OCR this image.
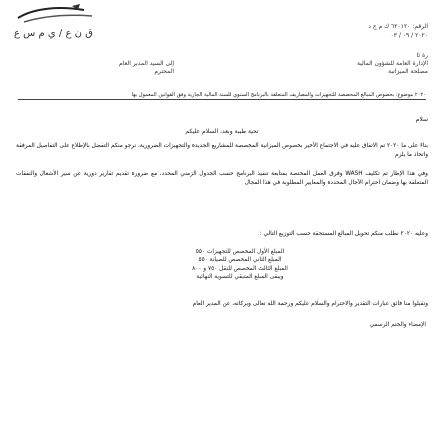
ﻕ ﻥ ﻉ / ﻱ ﻡ ﺱ ﻉ
ﺍﻟﺮﻗﻢ: ٦٢٠١٢٠ ﻙ ﻡ ﺝ ﺩ
٢٠٢٠ / ٠٩ / ٠٣
ﺭﺓ ﺋﺎ
ﺍﻹﺩﺍﺭﺓ ﺍﻟﻌﺎﻣﺔ ﻟﻠﺸﺆﻭﻥ ﺍﻟﻤﺎﻟﻴﺔ
ﻣﺼﻠﺤﺔ ﺍﻟﻤﻴﺰﺍﻧﻴﺔ
ﺇﻟﻰ ﺍﻟﺴﻴﺪ ﺍﻟﻤﺪﻳﺮ ﺍﻟﻌﺎﻡ
ﺍﻟﻤﺤﺘﺮﻡ
٢٠٢٠ ﻣﻮﺿﻮﻉ: ﺑﺨﺼﻮﺹ ﺍﻟﻤﺒﺎﻟﻎ ﺍﻟﻤﺨﺼﺼﺔ ﻟﻠﺘﺠﻬﻴﺰﺍﺕ ﻭﺍﻟﻤﺼﺎﺭﻳﻒ ﺍﻟﻤﺘﻌﻠﻘﺔ ﺑﺎﻟﺒﺮﻧﺎﻣﺞ ﺍﻟﺴﻨﻮﻱ ﻟﻠﺴﻨﺔ ﺍﻟﻤﺎﻟﻴﺔ ﺍﻟﺠﺎﺭﻳﺔ ﻭﻓﻖ ﺍﻟﻘﻮﺍﻧﻴﻦ ﺍﻟﻤﻌﻤﻮﻝ ﺑﻬﺎ
ﺳﻼﻡ
ﺗﺤﻴﺔ ﻃﻴﺒﺔ ﻭﺑﻌﺪ، ﺍﻟﺴﻼﻡ ﻋﻠﻴﻜﻢ
ﺑﻨﺎﺀً ﻋﻠﻰ ﻣﺎ ٢٠٢٠ ﺗﻢ ﺍﻻﺗﻔﺎﻕ ﻋﻠﻴﻪ ﻓﻲ ﺍﻻﺟﺘﻤﺎﻉ ﺍﻷﺧﻴﺮ ﺑﺨﺼﻮﺹ ﺍﻟﻤﻴﺰﺍﻧﻴﺔ ﺍﻟﻤﺨﺼﺼﺔ ﻟﻠﻤﺸﺎﺭﻳﻊ ﺍﻟﺠﺪﻳﺪﺓ ﻭﺍﻟﺘﺠﻬﻴﺰﺍﺕ ﺍﻟﻀﺮﻭﺭﻳﺔ، ﻧﺮﺟﻮ ﻣﻨﻜﻢ ﺍﻟﺘﻔﻀﻞ ﺑﺎﻹﻃﻼﻉ ﻋﻠﻰ ﺍﻟﺘﻔﺎﺻﻴﻞ ﺍﻟﻤﺮﻓﻘﺔ ﻭﺍﺗﺨﺎﺫ ﻣﺎ ﻳﻠﺰﻡ
ﻭﻓﻲ ﻫﺬﺍ ﺍﻹﻃﺎﺭ ﺗﻢ ﺗﻜﻠﻴﻒ WASH ﻭﻓﺮﻕ ﺍﻟﻌﻤﻞ ﺍﻟﻤﺨﺘﺼﺔ ﺑﻤﺘﺎﺑﻌﺔ ﺗﻨﻔﻴﺬ ﺍﻟﺒﺮﻧﺎﻣﺞ ﺣﺴﺐ ﺍﻟﺠﺪﻭﻝ ﺍﻟﺰﻣﻨﻲ ﺍﻟﻤﺤﺪﺩ، ﻣﻊ ﺿﺮﻭﺭﺓ ﺗﻘﺪﻳﻢ ﺗﻘﺎﺭﻳﺮ ﺩﻭﺭﻳﺔ ﻋﻦ ﺳﻴﺮ ﺍﻷﺷﻐﺎﻝ ﻭﺍﻟﻨﻔﻘﺎﺕ ﺍﻟﻤﺘﻌﻠﻘﺔ ﺑﻬﺎ ﻭﺿﻤﺎﻥ ﺍﺣﺘﺮﺍﻡ ﺍﻵﺟﺎﻝ ﺍﻟﻤﺤﺪﺩﺓ ﻭﺍﻟﻤﻌﺎﻳﻴﺮ ﺍﻟﻤﻄﻠﻮﺑﺔ ﻓﻲ ﻫﺬﺍ ﺍﻟﻤﺠﺎﻝ
ﻭﻋﻠﻴﻪ ٢٠٢٠ ﻧﻄﻠﺐ ﻣﻨﻜﻢ ﺗﺤﻮﻳﻞ ﺍﻟﻤﺒﺎﻟﻎ ﺍﻟﻤﺴﺘﺤﻘﺔ ﺣﺴﺐ ﺍﻟﺘﻮﺯﻳﻊ ﺍﻟﺘﺎﻟﻲ :
ﺍﻟﻤﺒﻠﻎ ﺍﻷﻭﻝ ﺍﻟﻤﺨﺼﺺ ﻟﻠﺘﺠﻬﻴﺰﺍﺕ ٥٥٠
ﺍﻟﻤﺒﻠﻎ ﺍﻟﺜﺎﻧﻲ ﺍﻟﻤﺨﺼﺺ ﻟﻠﺼﻴﺎﻧﺔ ٥٥٠
ﺍﻟﻤﺒﻠﻎ ﺍﻟﺜﺎﻟﺚ ﺍﻟﻤﺨﺼﺺ ﻟﻠﻨﻘﻞ ٧٥٠ ﻭ ٨٠٠
ﻭﻳﺒﻘﻰ ﺍﻟﻤﺒﻠﻎ ﺍﻟﻤﺘﺒﻘﻲ ﻟﻠﺘﺴﻮﻳﺔ ﺍﻟﻨﻬﺎﺋﻴﺔ
ﻭﺗﻘﺒﻠﻮﺍ ﻣﻨﺎ ﻓﺎﺋﻖ ﻋﺒﺎﺭﺍﺕ ﺍﻟﺘﻘﺪﻳﺮ ﻭﺍﻻﺣﺘﺮﺍﻡ ﻭﺍﻟﺴﻼﻡ ﻋﻠﻴﻜﻢ ﻭﺭﺣﻤﺔ ﺍﻟﻠﻪ ﺗﻌﺎﻟﻰ ﻭﺑﺮﻛﺎﺗﻪ، ﻋﻦ ﺍﻟﻤﺪﻳﺮ ﺍﻟﻌﺎﻡ
ﺍﻹﻣﻀﺎﺀ ﻭﺍﻟﺨﺘﻢ ﺍﻟﺮﺳﻤﻲ
